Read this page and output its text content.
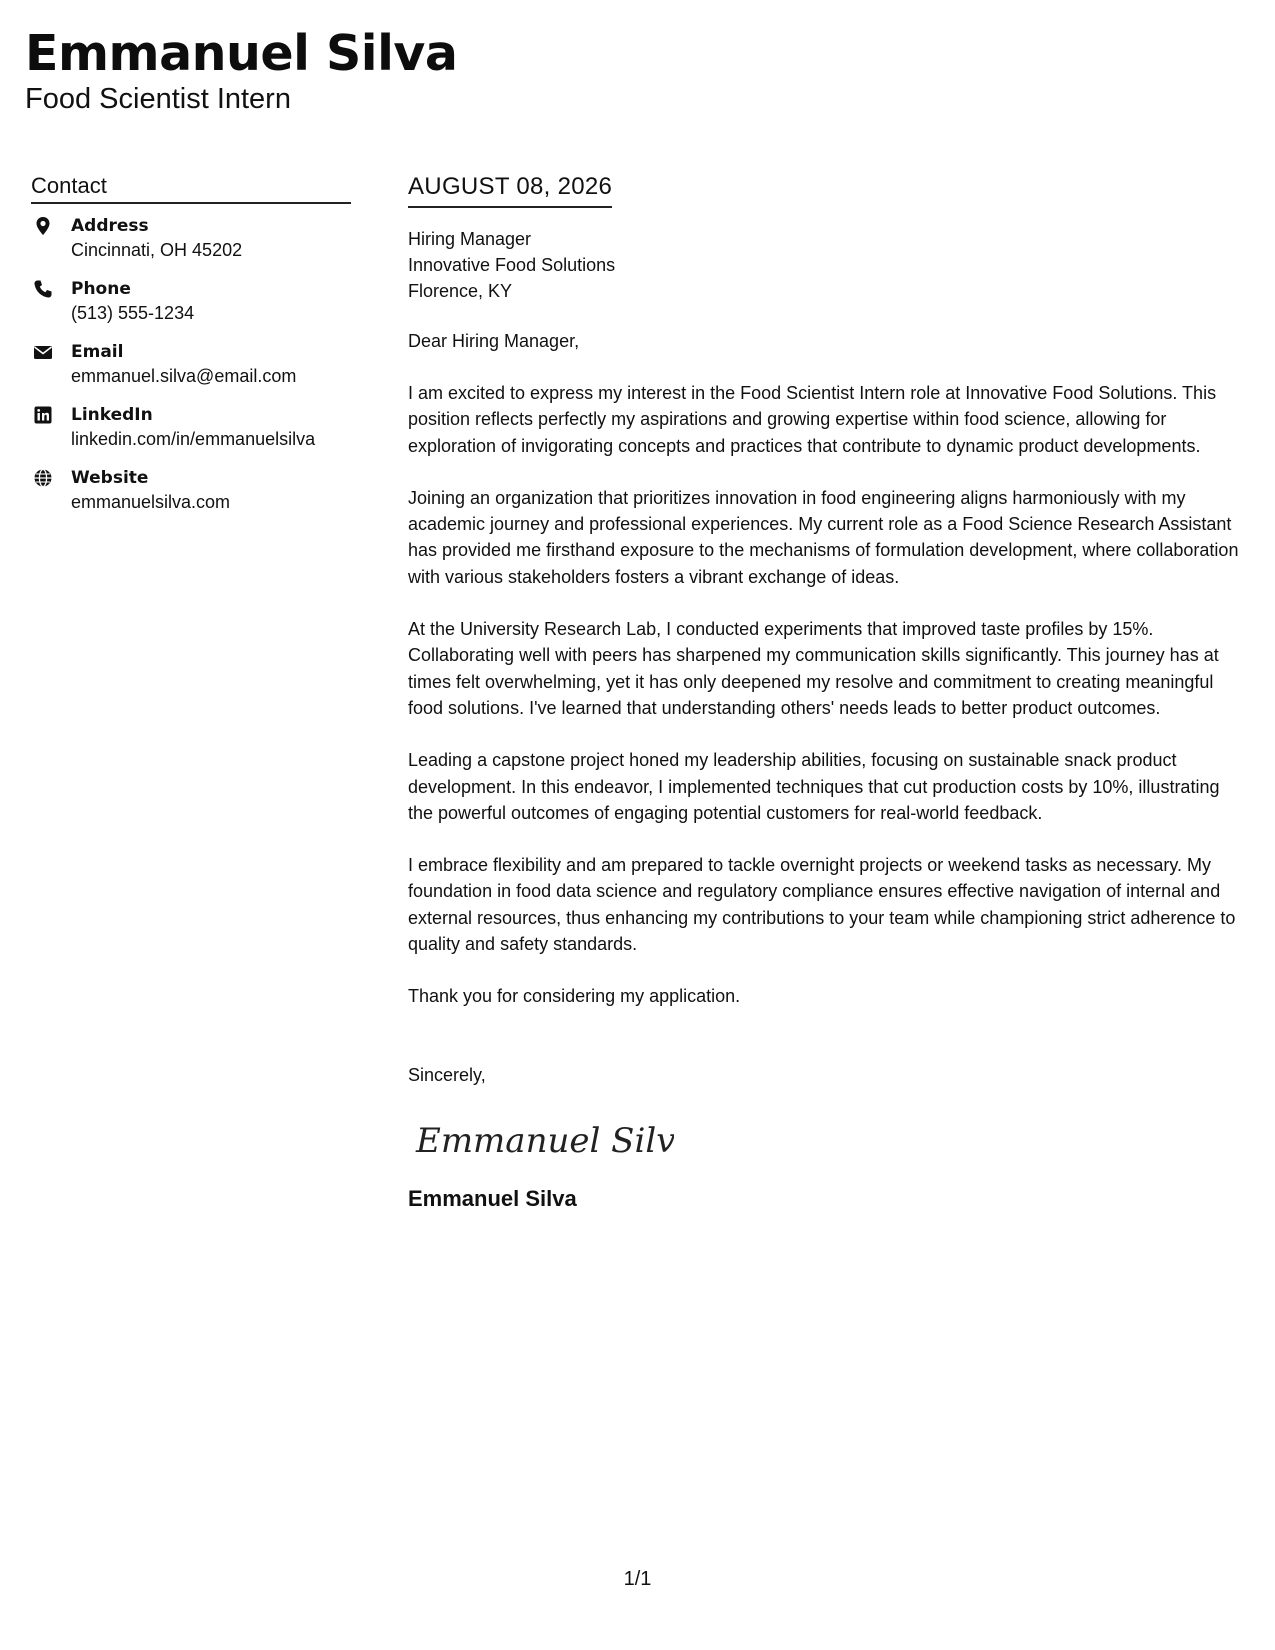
Emmanuel Silva
Food Scientist Intern
Contact
Address
Cincinnati, OH 45202
Phone
(513) 555-1234
Email
emmanuel.silva@email.com
LinkedIn
linkedin.com/in/emmanuelsilva
Website
emmanuelsilva.com
AUGUST 08, 2026
Hiring Manager
Innovative Food Solutions
Florence, KY
Dear Hiring Manager,
I am excited to express my interest in the Food Scientist Intern role at Innovative Food Solutions. This position reflects perfectly my aspirations and growing expertise within food science, allowing for exploration of invigorating concepts and practices that contribute to dynamic product developments.
Joining an organization that prioritizes innovation in food engineering aligns harmoniously with my academic journey and professional experiences. My current role as a Food Science Research Assistant has provided me firsthand exposure to the mechanisms of formulation development, where collaboration with various stakeholders fosters a vibrant exchange of ideas.
At the University Research Lab, I conducted experiments that improved taste profiles by 15%. Collaborating well with peers has sharpened my communication skills significantly. This journey has at times felt overwhelming, yet it has only deepened my resolve and commitment to creating meaningful food solutions. I've learned that understanding others' needs leads to better product outcomes.
Leading a capstone project honed my leadership abilities, focusing on sustainable snack product development. In this endeavor, I implemented techniques that cut production costs by 10%, illustrating the powerful outcomes of engaging potential customers for real-world feedback.
I embrace flexibility and am prepared to tackle overnight projects or weekend tasks as necessary. My foundation in food data science and regulatory compliance ensures effective navigation of internal and external resources, thus enhancing my contributions to your team while championing strict adherence to quality and safety standards.
Thank you for considering my application.
Sincerely,
Emmanuel Silva
Emmanuel Silva
1/1
